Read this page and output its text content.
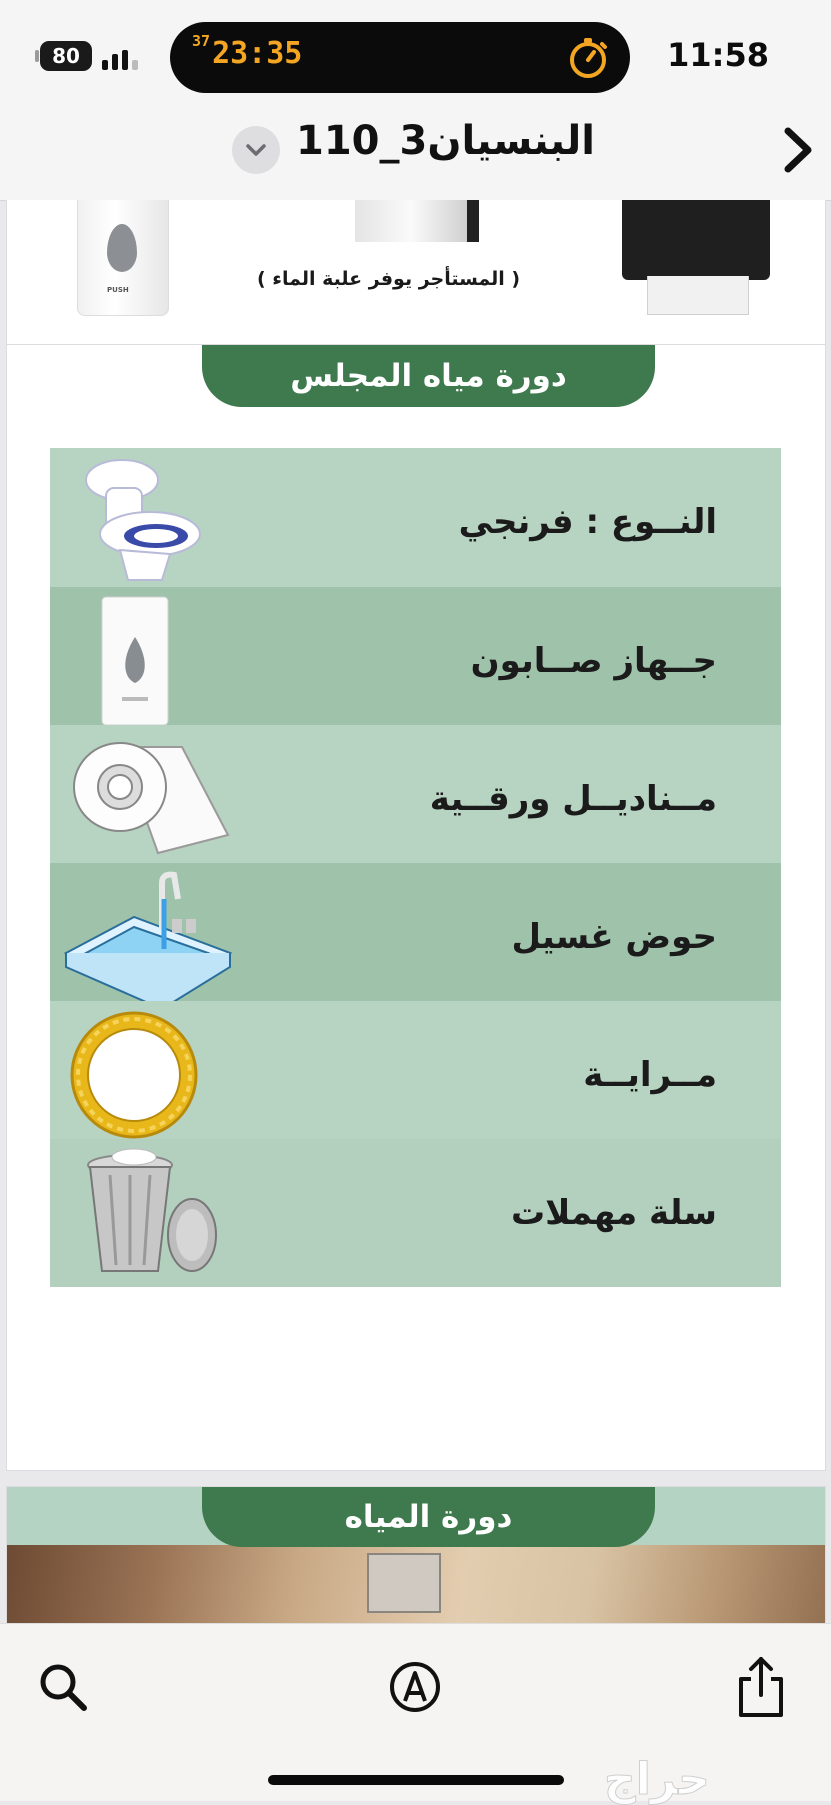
80
$^{37}$23:35	11:58
البنسيان3_110
PUSH	( المستأجر يوفر علبة الماء )
دورة مياه المجلس
النــوع : فرنجي
جــهاز صــابون
مــناديــل ورقــية
حوض غسيل
مــرايــة
سلة مهملات
دورة المياه
حراج
